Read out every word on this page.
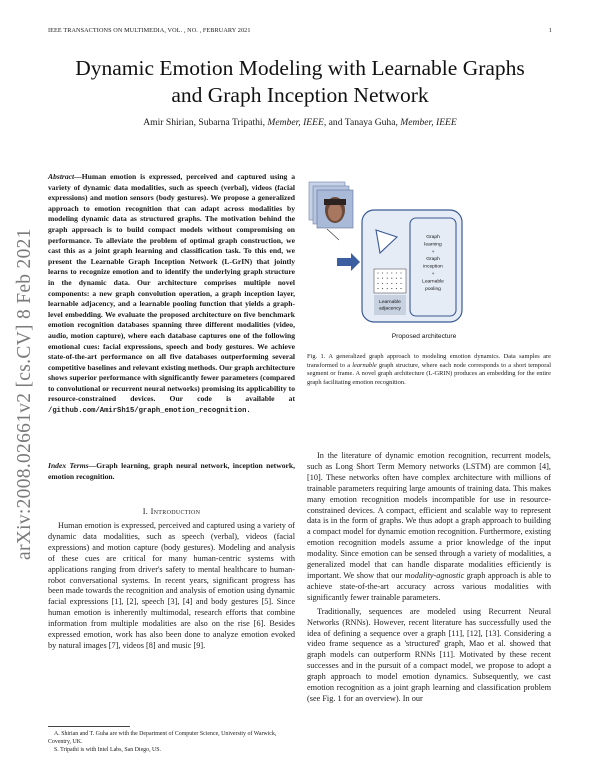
IEEE TRANSACTIONS ON MULTIMEDIA, VOL. , NO. , FEBRUARY 2021	1
arXiv:2008.02661v2 [cs.CV] 8 Feb 2021
Dynamic Emotion Modeling with Learnable Graphs
and Graph Inception Network
Amir Shirian, Subarna Tripathi, Member, IEEE, and Tanaya Guha, Member, IEEE

Abstract—Human emotion is expressed, perceived and captured using a variety of dynamic data modalities, such as speech (verbal), videos (facial expressions) and motion sensors (body gestures). We propose a generalized approach to emotion recognition that can adapt across modalities by modeling dynamic data as structured graphs. The motivation behind the graph approach is to build compact models without compromising on performance. To alleviate the problem of optimal graph construction, we cast this as a joint graph learning and classification task. To this end, we present the Learnable Graph Inception Network (L-GrIN) that jointly learns to recognize emotion and to identify the underlying graph structure in the dynamic data. Our architecture comprises multiple novel components: a new graph convolution operation, a graph inception layer, learnable adjacency, and a learnable pooling function that yields a graph-level embedding. We evaluate the proposed architecture on five benchmark emotion recognition databases spanning three different modalities (video, audio, motion capture), where each database captures one of the following emotional cues: facial expressions, speech and body gestures. We achieve state-of-the-art performance on all five databases outperforming several competitive baselines and relevant existing methods. Our graph architecture shows superior performance with significantly fewer parameters (compared to convolutional or recurrent neural networks) promising its applicability to resource-constrained devices. Our code is available at /github.com/AmirSh15/graph_emotion_recognition.

Index Terms—Graph learning, graph neural network, inception network, emotion recognition.

I. Introduction

Human emotion is expressed, perceived and captured using a variety of dynamic data modalities, such as speech (verbal), videos (facial expressions) and motion capture (body gestures). Modeling and analysis of these cues are critical for many human-centric systems with applications ranging from driver's safety to mental healthcare to human-robot conversational systems. In recent years, significant progress has been made towards the recognition and analysis of emotion using dynamic facial expressions [1], [2], speech [3], [4] and body gestures [5]. Since human emotion is inherently multimodal, research efforts that combine information from multiple modalities are also on the rise [6]. Besides expressed emotion, work has also been done to analyze emotion evoked by natural images [7], videos [8] and music [9].

A. Shirian and T. Guha are with the Department of Computer Science, University of Warwick, Coventry, UK.

S. Tripathi is with Intel Labs, San Diego, US.

Graph
learning
+
Graph
inception
+
Learnable
pooling
Learnable
adjacency
Proposed architecture

Fig. 1. A generalized graph approach to modeling emotion dynamics. Data samples are transformed to a learnable graph structure, where each node corresponds to a short temporal segment or frame. A novel graph architecture (L-GRIN) produces an embedding for the entire graph facilitating emotion recognition.

In the literature of dynamic emotion recognition, recurrent models, such as Long Short Term Memory networks (LSTM) are common [4], [10]. These networks often have complex architecture with millions of trainable parameters requiring large amounts of training data. This makes many emotion recognition models incompatible for use in resource-constrained devices. A compact, efficient and scalable way to represent data is in the form of graphs. We thus adopt a graph approach to building a compact model for dynamic emotion recognition. Furthermore, existing emotion recognition models assume a prior knowledge of the input modality. Since emotion can be sensed through a variety of modalities, a generalized model that can handle disparate modalities efficiently is important. We show that our modality-agnostic graph approach is able to achieve state-of-the-art accuracy across various modalities with significantly fewer trainable parameters.

Traditionally, sequences are modeled using Recurrent Neural Networks (RNNs). However, recent literature has successfully used the idea of defining a sequence over a graph [11], [12], [13]. Considering a video frame sequence as a 'structured' graph, Mao et al. showed that graph models can outperform RNNs [11]. Motivated by these recent successes and in the pursuit of a compact model, we propose to adopt a graph approach to model emotion dynamics. Subsequently, we cast emotion recognition as a joint graph learning and classification problem (see Fig. 1 for an overview). In our
